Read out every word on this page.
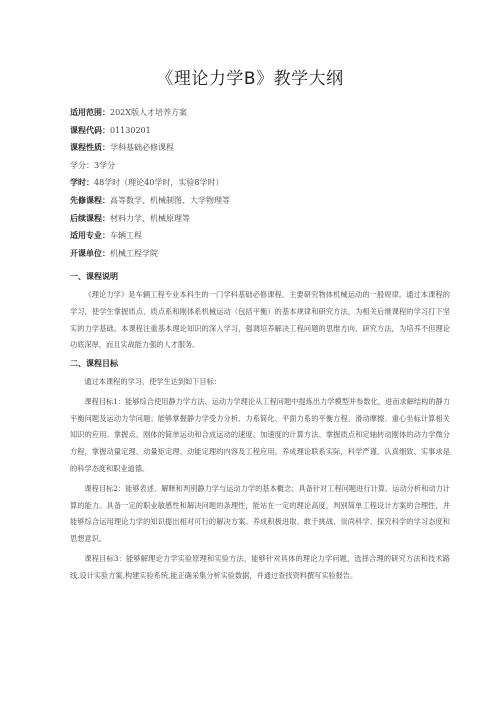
《理论力学B》教学大纲
适用范围：202X版人才培养方案
课程代码：01130201
课程性质：学科基础必修课程
学分：3学分
学时：48学时（理论40学时，实验8学时）
先修课程：高等数学、机械制图、大学物理等
后续课程：材料力学、机械原理等
适用专业：车辆工程
开课单位：机械工程学院
一、课程说明

《理论力学》是车辆工程专业本科生的一门学科基础必修课程。主要研究物体机械运动的一般规律。通过本课程的学习，使学生掌握质点、质点系和刚体系机械运动（包括平衡）的基本规律和研究方法，为相关后继课程的学习打下坚实的力学基础。本课程注重基本理论知识的深入学习，强调培养解决工程问题的思维方向、研究方法，为培养不但理论功底深厚，而且实战能力强的人才服务。

二、课程目标

通过本课程的学习，使学生达到如下目标：

课程目标1：能够综合使用静力学方法、运动力学理论从工程问题中提炼出力学模型并参数化，进而求解结构的静力平衡问题及运动力学问题；能够掌握静力学受力分析、力系简化、平面力系的平衡方程、滑动摩擦、重心坐标计算相关知识的应用。掌握点、刚体的简单运动和合成运动的速度、加速度的计算方法、掌握质点和定轴转动刚体的动力学微分方程，掌握动量定理、动量矩定理、动能定理的内容及工程应用。养成理论联系实际，科学严谨、认真细致、实事求是的科学态度和职业道德。

课程目标2：能够表述、解释和判别静力学与运动力学的基本概念；具备针对工程问题进行计算、运动分析和动力计算的能力。具备一定的职业敏感性和解决问题的条理性，能站在一定的理论高度，判别简单工程设计方案的合理性，并能够综合运用理论力学的知识提出相对可行的解决方案。养成积极进取、敢于挑战、崇尚科学、探究科学的学习态度和思想意识。

课程目标3：能够解理论力学实验原理和实验方法，能够针对具体的理论力学问题，选择合理的研究方法和技术路线,设计实验方案,构建实验系统,能正确采集分析实验数据，并通过查找资料撰写实验报告。
